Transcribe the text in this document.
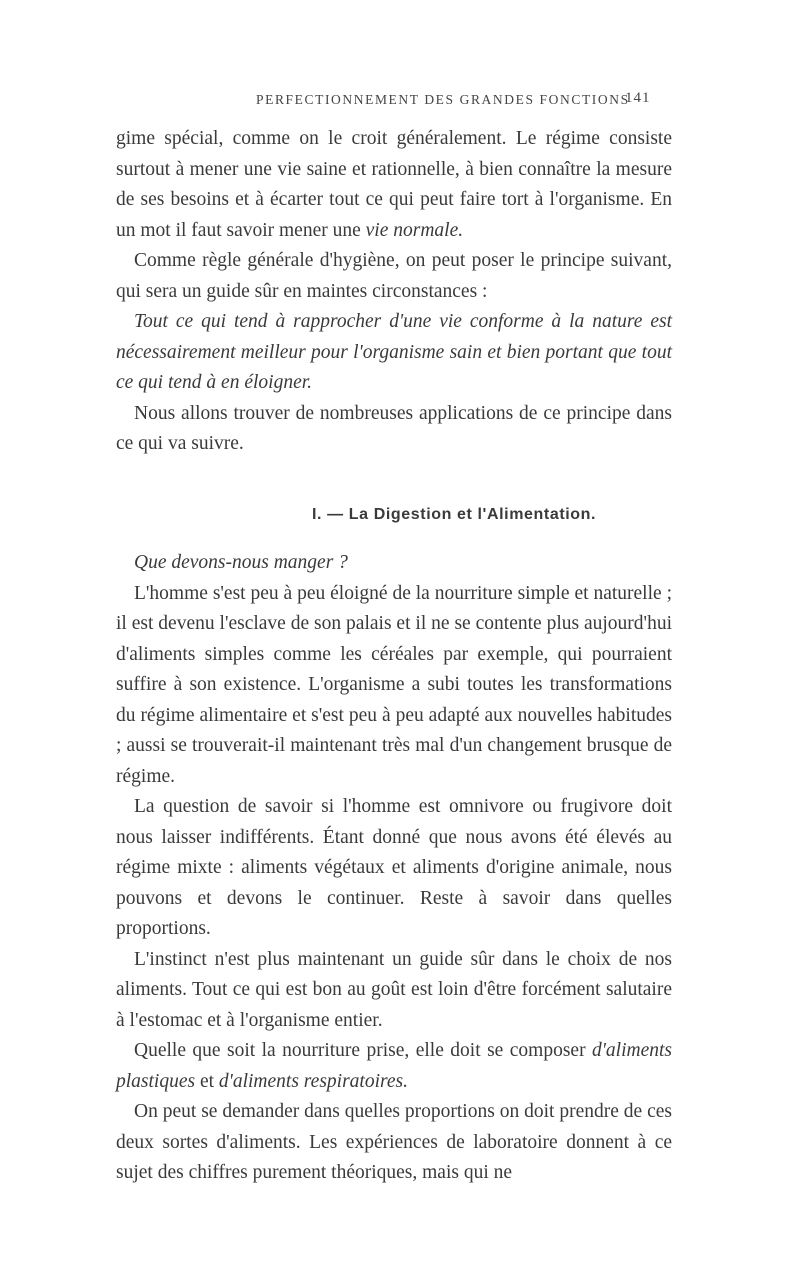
PERFECTIONNEMENT DES GRANDES FONCTIONS
141

gime spécial, comme on le croit généralement. Le régime consiste surtout à mener une vie saine et rationnelle, à bien connaître la mesure de ses besoins et à écarter tout ce qui peut faire tort à l'organisme. En un mot il faut savoir mener une vie normale.

Comme règle générale d'hygiène, on peut poser le principe suivant, qui sera un guide sûr en maintes circonstances :

Tout ce qui tend à rapprocher d'une vie conforme à la nature est nécessairement meilleur pour l'organisme sain et bien portant que tout ce qui tend à en éloigner.

Nous allons trouver de nombreuses applications de ce principe dans ce qui va suivre.

I. — La Digestion et l'Alimentation.

Que devons-nous manger ?

L'homme s'est peu à peu éloigné de la nourriture simple et naturelle ; il est devenu l'esclave de son palais et il ne se contente plus aujourd'hui d'aliments simples comme les céréales par exemple, qui pourraient suffire à son existence. L'organisme a subi toutes les transformations du régime alimentaire et s'est peu à peu adapté aux nouvelles habitudes ; aussi se trouverait-il maintenant très mal d'un changement brusque de régime.

La question de savoir si l'homme est omnivore ou frugivore doit nous laisser indifférents. Étant donné que nous avons été élevés au régime mixte : aliments végétaux et aliments d'origine animale, nous pouvons et devons le continuer. Reste à savoir dans quelles proportions.

L'instinct n'est plus maintenant un guide sûr dans le choix de nos aliments. Tout ce qui est bon au goût est loin d'être forcément salutaire à l'estomac et à l'organisme entier.

Quelle que soit la nourriture prise, elle doit se composer d'aliments plastiques et d'aliments respiratoires.

On peut se demander dans quelles proportions on doit prendre de ces deux sortes d'aliments. Les expériences de laboratoire donnent à ce sujet des chiffres purement théoriques, mais qui ne
